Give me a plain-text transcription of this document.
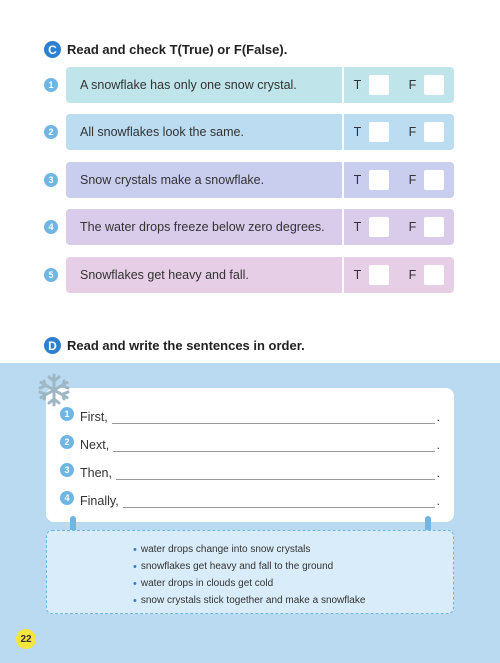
C Read and check T(True) or F(False).
1	A snowflake has only one snow crystal.	T	F
2	All snowflakes look the same.	T	F
3	Snow crystals make a snowflake.	T	F
4	The water drops freeze below zero degrees.	T	F
5	Snowflakes get heavy and fall.	T	F
D Read and write the sentences in order.
1 First,	.
2 Next,	.
3 Then,	.
4 Finally,	.
• water drops change into snow crystals
• snowflakes get heavy and fall to the ground
• water drops in clouds get cold
• snow crystals stick together and make a snowflake
22
